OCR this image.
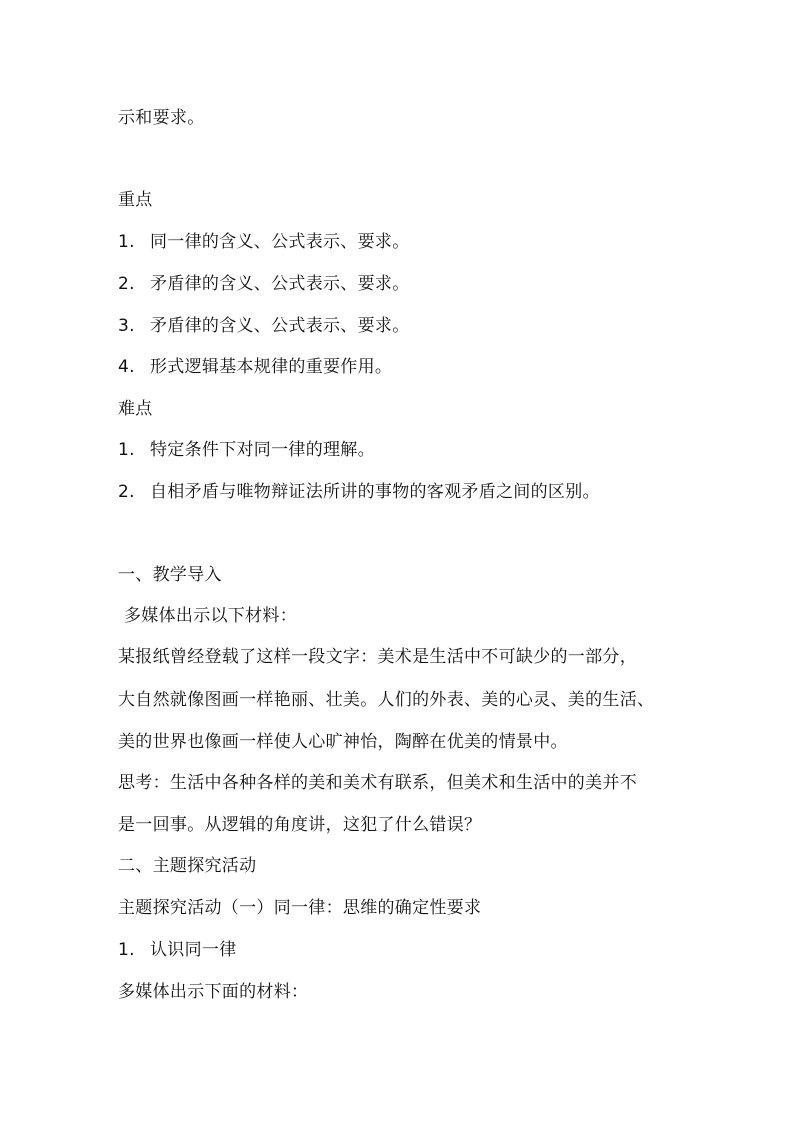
示和要求。
重点
1. 同一律的含义、公式表示、要求。
2. 矛盾律的含义、公式表示、要求。
3. 矛盾律的含义、公式表示、要求。
4. 形式逻辑基本规律的重要作用。
难点
1. 特定条件下对同一律的理解。
2. 自相矛盾与唯物辩证法所讲的事物的客观矛盾之间的区别。
一、教学导入
多媒体出示以下材料：
某报纸曾经登载了这样一段文字：美术是生活中不可缺少的一部分，
大自然就像图画一样艳丽、壮美。人们的外表、美的心灵、美的生活、
美的世界也像画一样使人心旷神怡，陶醉在优美的情景中。
思考：生活中各种各样的美和美术有联系，但美术和生活中的美并不
是一回事。从逻辑的角度讲，这犯了什么错误？
二、主题探究活动
主题探究活动（一）同一律：思维的确定性要求
1. 认识同一律
多媒体出示下面的材料：
